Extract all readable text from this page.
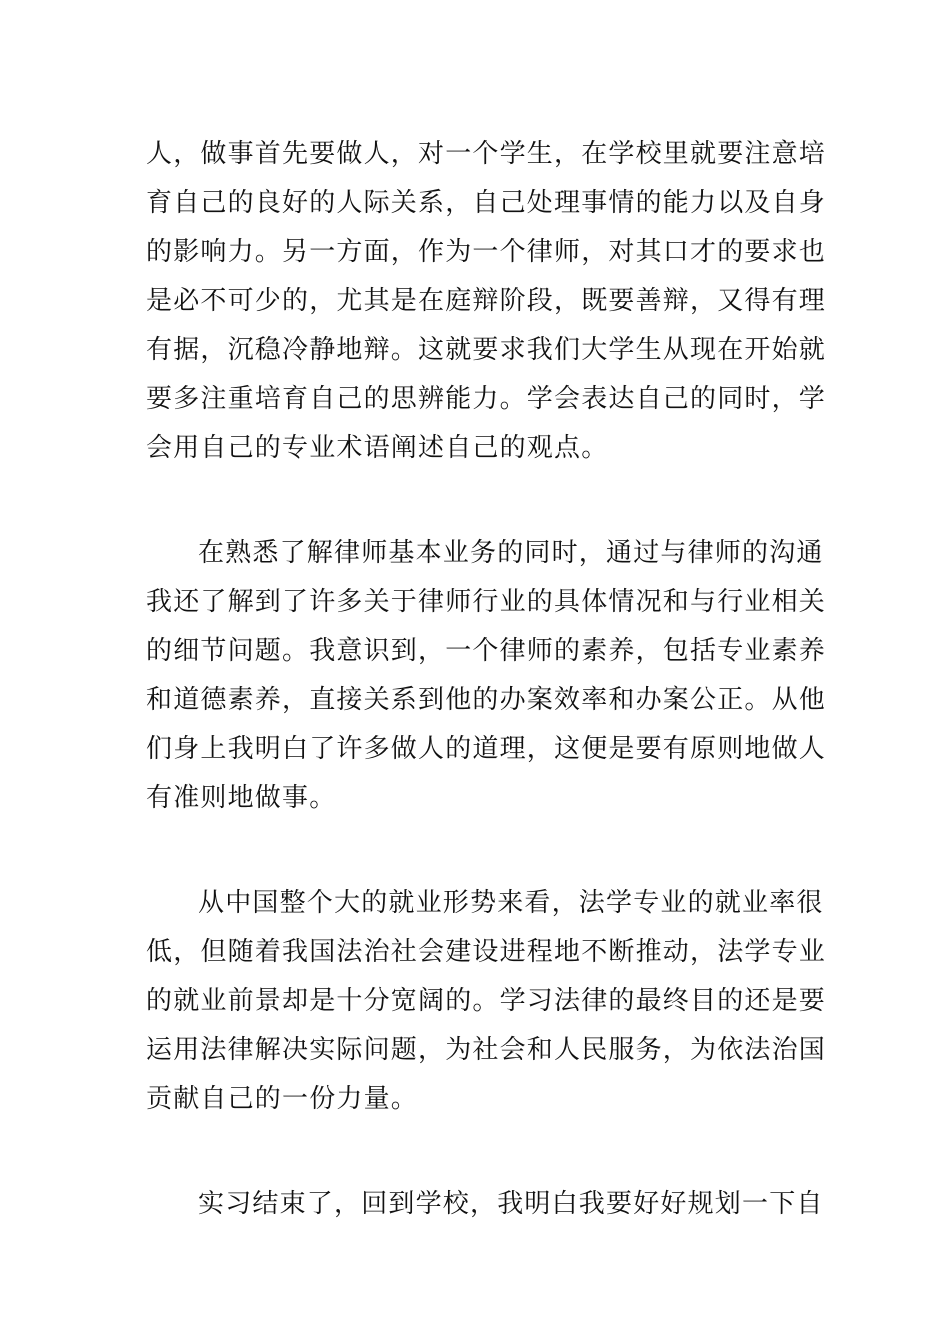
人，做事首先要做人，对一个学生，在学校里就要注意培
育自己的良好的人际关系，自己处理事情的能力以及自身
的影响力。另一方面，作为一个律师，对其口才的要求也
是必不可少的，尤其是在庭辩阶段，既要善辩，又得有理
有据，沉稳冷静地辩。这就要求我们大学生从现在开始就
要多注重培育自己的思辨能力。学会表达自己的同时，学
会用自己的专业术语阐述自己的观点。
在熟悉了解律师基本业务的同时，通过与律师的沟通
我还了解到了许多关于律师行业的具体情况和与行业相关
的细节问题。我意识到，一个律师的素养，包括专业素养
和道德素养，直接关系到他的办案效率和办案公正。从他
们身上我明白了许多做人的道理，这便是要有原则地做人
有准则地做事。
从中国整个大的就业形势来看，法学专业的就业率很
低，但随着我国法治社会建设进程地不断推动，法学专业
的就业前景却是十分宽阔的。学习法律的最终目的还是要
运用法律解决实际问题，为社会和人民服务，为依法治国
贡献自己的一份力量。
实习结束了，回到学校，我明白我要好好规划一下自
